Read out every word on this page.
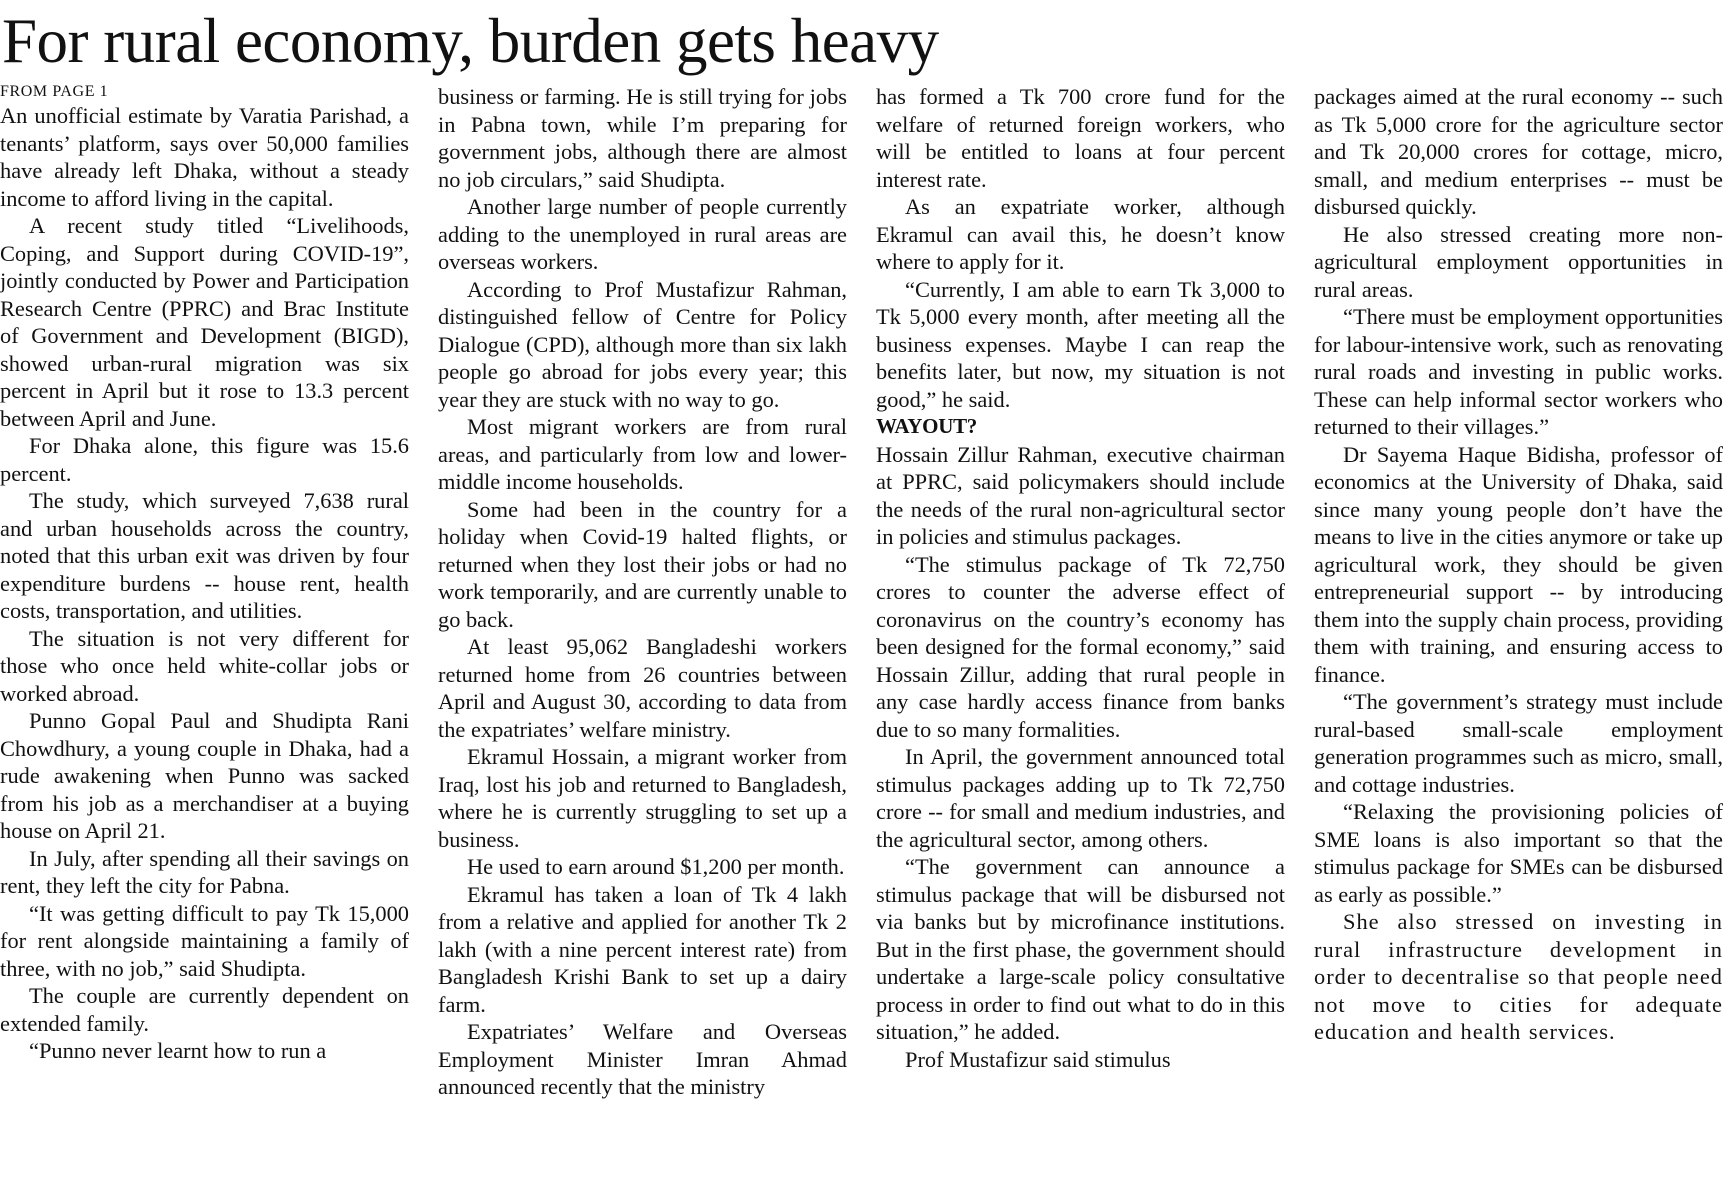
For rural economy, burden gets heavy
FROM PAGE 1

An unofficial estimate by Varatia Parishad, a tenants’ platform, says over 50,000 families have already left Dhaka, without a steady income to afford living in the capital.

A recent study titled “Livelihoods, Coping, and Support during COVID-19”, jointly conducted by Power and Participation Research Centre (PPRC) and Brac Institute of Government and Development (BIGD), showed urban-rural migration was six percent in April but it rose to 13.3 percent between April and June.

For Dhaka alone, this figure was 15.6 percent.

The study, which surveyed 7,638 rural and urban households across the country, noted that this urban exit was driven by four expenditure burdens -- house rent, health costs, transportation, and utilities.

The situation is not very different for those who once held white-collar jobs or worked abroad.

Punno Gopal Paul and Shudipta Rani Chowdhury, a young couple in Dhaka, had a rude awakening when Punno was sacked from his job as a merchandiser at a buying house on April 21.

In July, after spending all their savings on rent, they left the city for Pabna.

“It was getting difficult to pay Tk 15,000 for rent alongside maintaining a family of three, with no job,” said Shudipta.

The couple are currently dependent on extended family.

“Punno never learnt how to run a

business or farming. He is still trying for jobs in Pabna town, while I’m preparing for government jobs, although there are almost no job circulars,” said Shudipta.

Another large number of people currently adding to the unemployed in rural areas are overseas workers.

According to Prof Mustafizur Rahman, distinguished fellow of Centre for Policy Dialogue (CPD), although more than six lakh people go abroad for jobs every year; this year they are stuck with no way to go.

Most migrant workers are from rural areas, and particularly from low and lower-middle income households.

Some had been in the country for a holiday when Covid-19 halted flights, or returned when they lost their jobs or had no work temporarily, and are currently unable to go back.

At least 95,062 Bangladeshi workers returned home from 26 countries between April and August 30, according to data from the expatriates’ welfare ministry.

Ekramul Hossain, a migrant worker from Iraq, lost his job and returned to Bangladesh, where he is currently struggling to set up a business.

He used to earn around $1,200 per month.

Ekramul has taken a loan of Tk 4 lakh from a relative and applied for another Tk 2 lakh (with a nine percent interest rate) from Bangladesh Krishi Bank to set up a dairy farm.

Expatriates’ Welfare and Overseas Employment Minister Imran Ahmad announced recently that the ministry

has formed a Tk 700 crore fund for the welfare of returned foreign workers, who will be entitled to loans at four percent interest rate.

As an expatriate worker, although Ekramul can avail this, he doesn’t know where to apply for it.

“Currently, I am able to earn Tk 3,000 to Tk 5,000 every month, after meeting all the business expenses. Maybe I can reap the benefits later, but now, my situation is not good,” he said.

WAYOUT?

Hossain Zillur Rahman, executive chairman at PPRC, said policymakers should include the needs of the rural non-agricultural sector in policies and stimulus packages.

“The stimulus package of Tk 72,750 crores to counter the adverse effect of coronavirus on the country’s economy has been designed for the formal economy,” said Hossain Zillur, adding that rural people in any case hardly access finance from banks due to so many formalities.

In April, the government announced total stimulus packages adding up to Tk 72,750 crore -- for small and medium industries, and the agricultural sector, among others.

“The government can announce a stimulus package that will be disbursed not via banks but by microfinance institutions. But in the first phase, the government should undertake a large-scale policy consultative process in order to find out what to do in this situation,” he added.

Prof Mustafizur said stimulus

packages aimed at the rural economy -- such as Tk 5,000 crore for the agriculture sector and Tk 20,000 crores for cottage, micro, small, and medium enterprises -- must be disbursed quickly.

He also stressed creating more non-agricultural employment opportunities in rural areas.

“There must be employment opportunities for labour-intensive work, such as renovating rural roads and investing in public works. These can help informal sector workers who returned to their villages.”

Dr Sayema Haque Bidisha, professor of economics at the University of Dhaka, said since many young people don’t have the means to live in the cities anymore or take up agricultural work, they should be given entrepreneurial support -- by introducing them into the supply chain process, providing them with training, and ensuring access to finance.

“The government’s strategy must include rural-based small-scale employment generation programmes such as micro, small, and cottage industries.

“Relaxing the provisioning policies of SME loans is also important so that the stimulus package for SMEs can be disbursed as early as possible.”

She also stressed on investing in rural infrastructure development in order to decentralise so that people need not move to cities for adequate education and health services.
